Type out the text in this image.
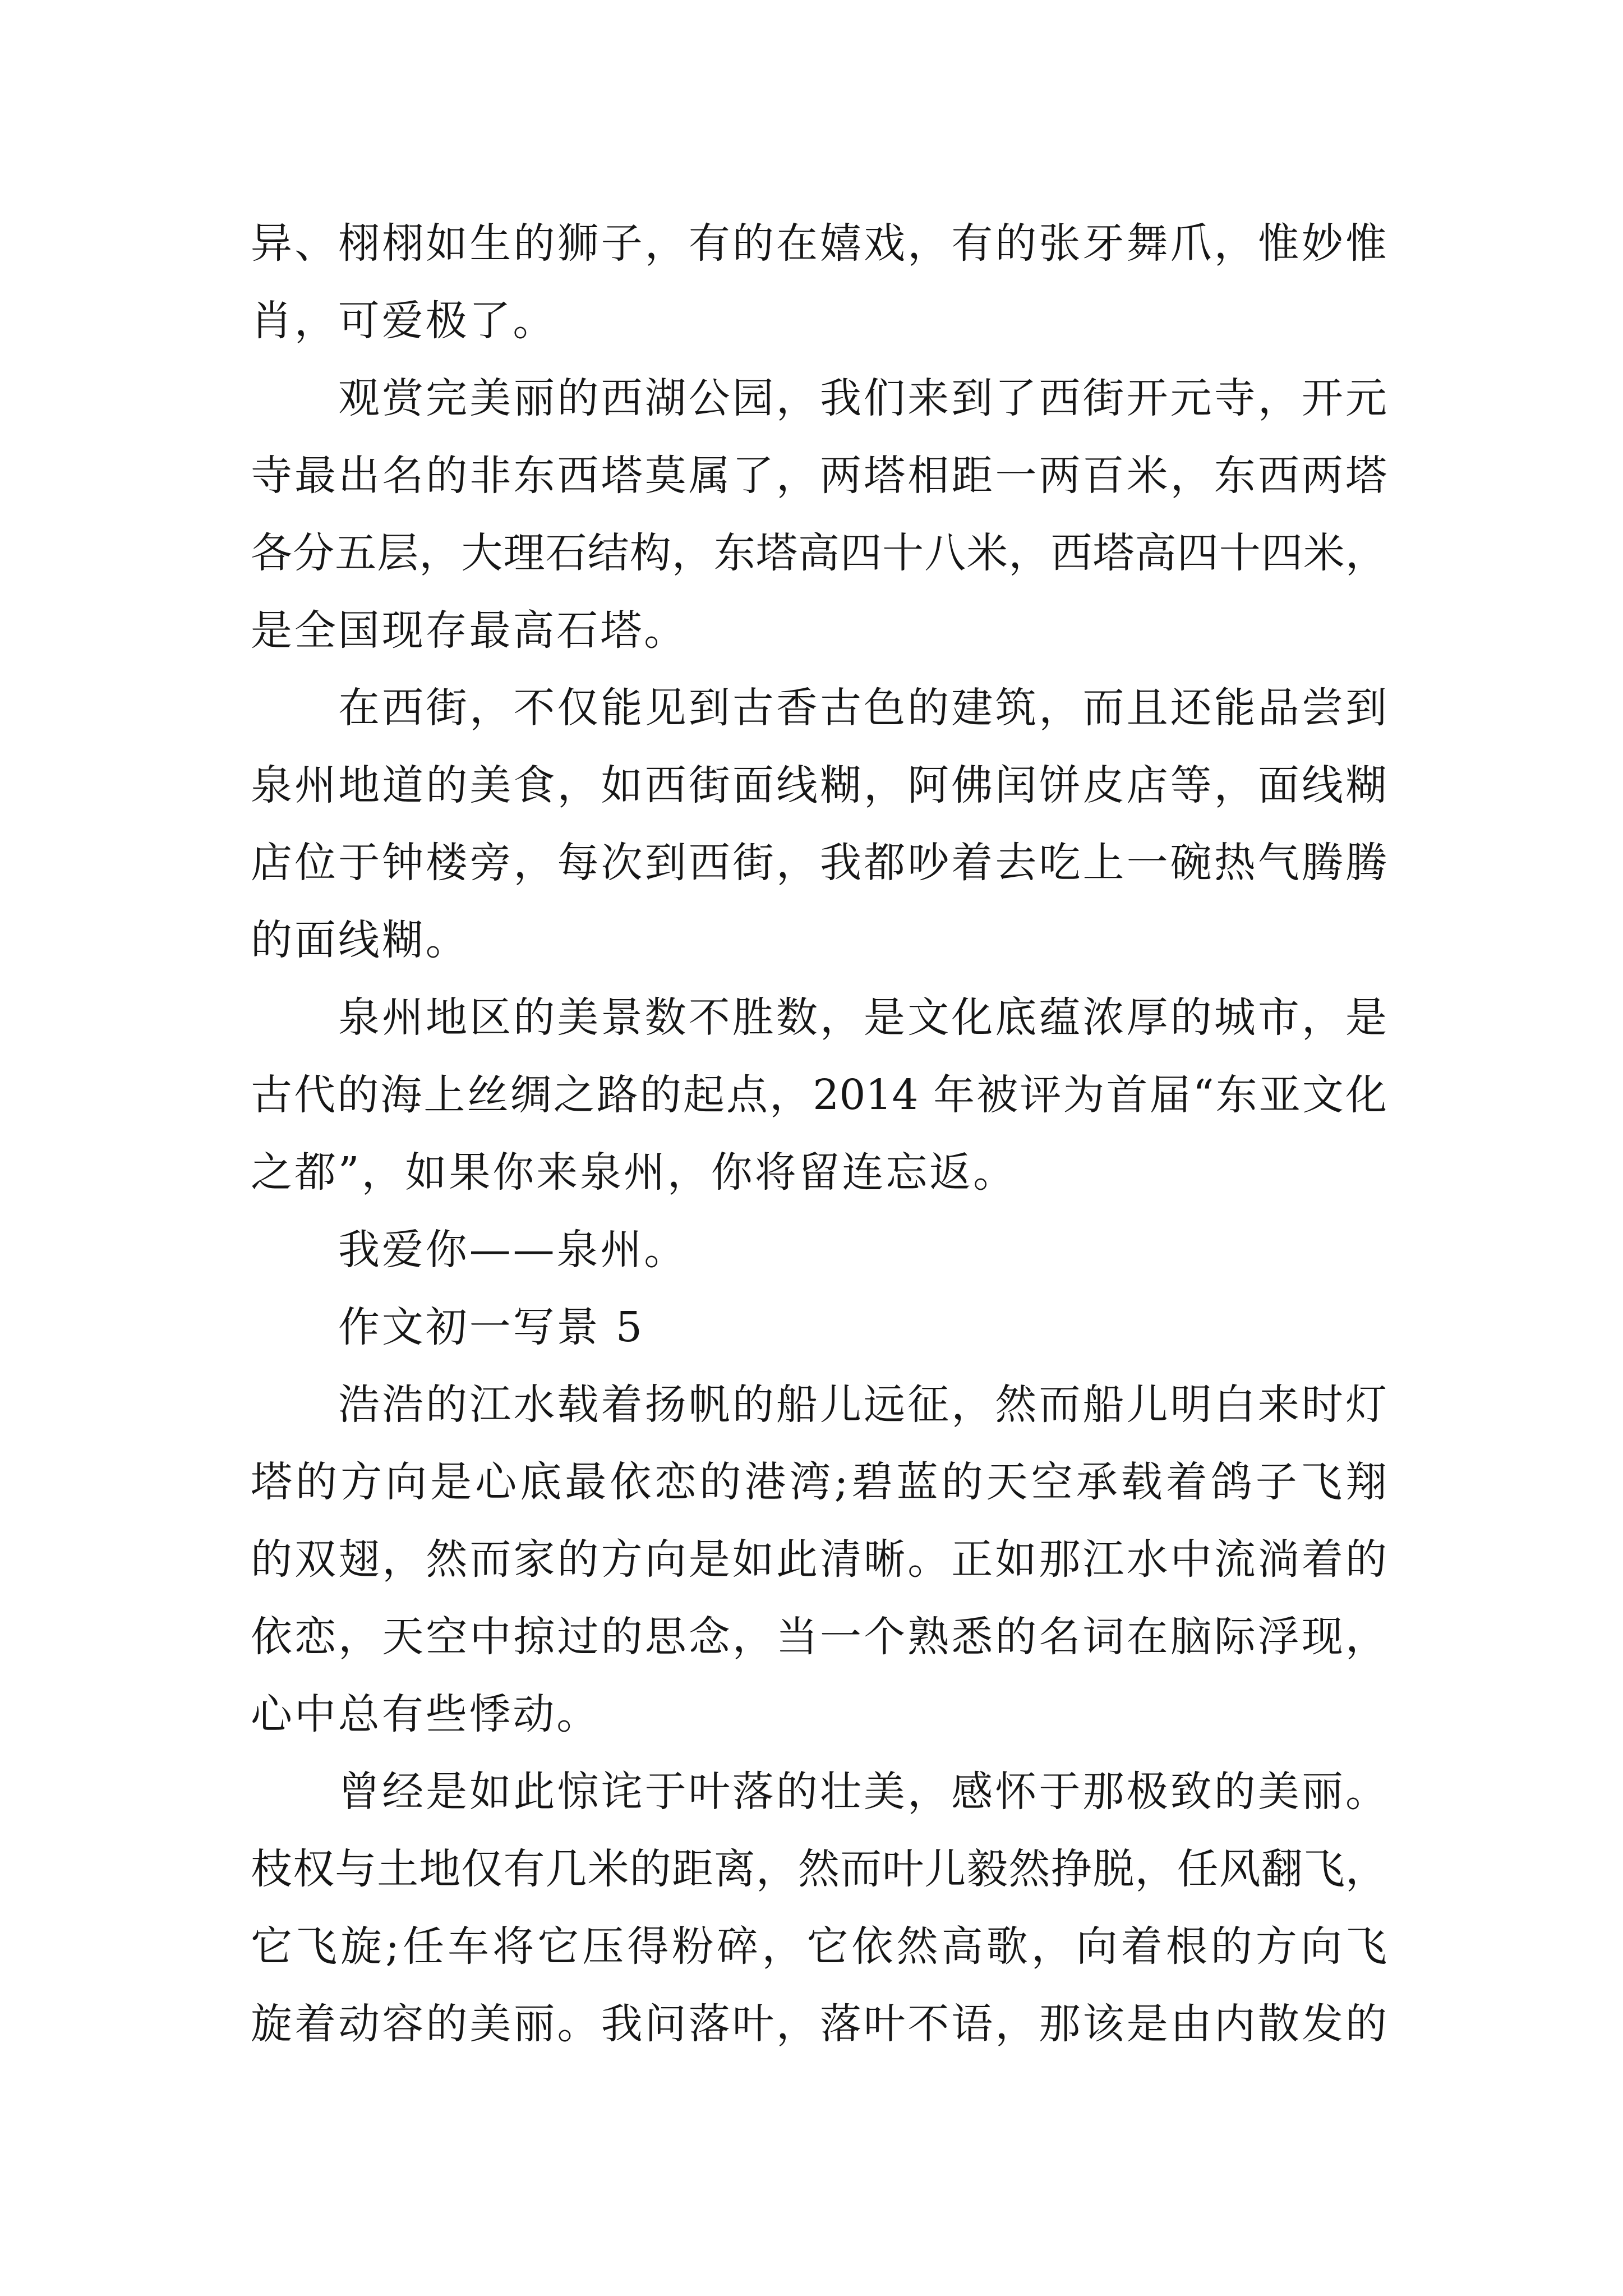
异、栩栩如生的狮子，有的在嬉戏，有的张牙舞爪，惟妙惟
肖，可爱极了。
观赏完美丽的西湖公园，我们来到了西街开元寺，开元
寺最出名的非东西塔莫属了，两塔相距一两百米，东西两塔
各分五层，大理石结构，东塔高四十八米，西塔高四十四米，
是全国现存最高石塔。
在西街，不仅能见到古香古色的建筑，而且还能品尝到
泉州地道的美食，如西街面线糊，阿佛闰饼皮店等，面线糊
店位于钟楼旁，每次到西街，我都吵着去吃上一碗热气腾腾
的面线糊。
泉州地区的美景数不胜数，是文化底蕴浓厚的城市，是
古代的海上丝绸之路的起点，2014 年被评为首届“东亚文化
之都”，如果你来泉州，你将留连忘返。
我爱你——泉州。
作文初一写景 5
浩浩的江水载着扬帆的船儿远征，然而船儿明白来时灯
塔的方向是心底最依恋的港湾;碧蓝的天空承载着鸽子飞翔
的双翅，然而家的方向是如此清晰。正如那江水中流淌着的
依恋，天空中掠过的思念，当一个熟悉的名词在脑际浮现，
心中总有些悸动。
曾经是如此惊诧于叶落的壮美，感怀于那极致的美丽。
枝权与土地仅有几米的距离，然而叶儿毅然挣脱，任风翻飞，
它飞旋;任车将它压得粉碎，它依然高歌，向着根的方向飞
旋着动容的美丽。我问落叶，落叶不语，那该是由内散发的
